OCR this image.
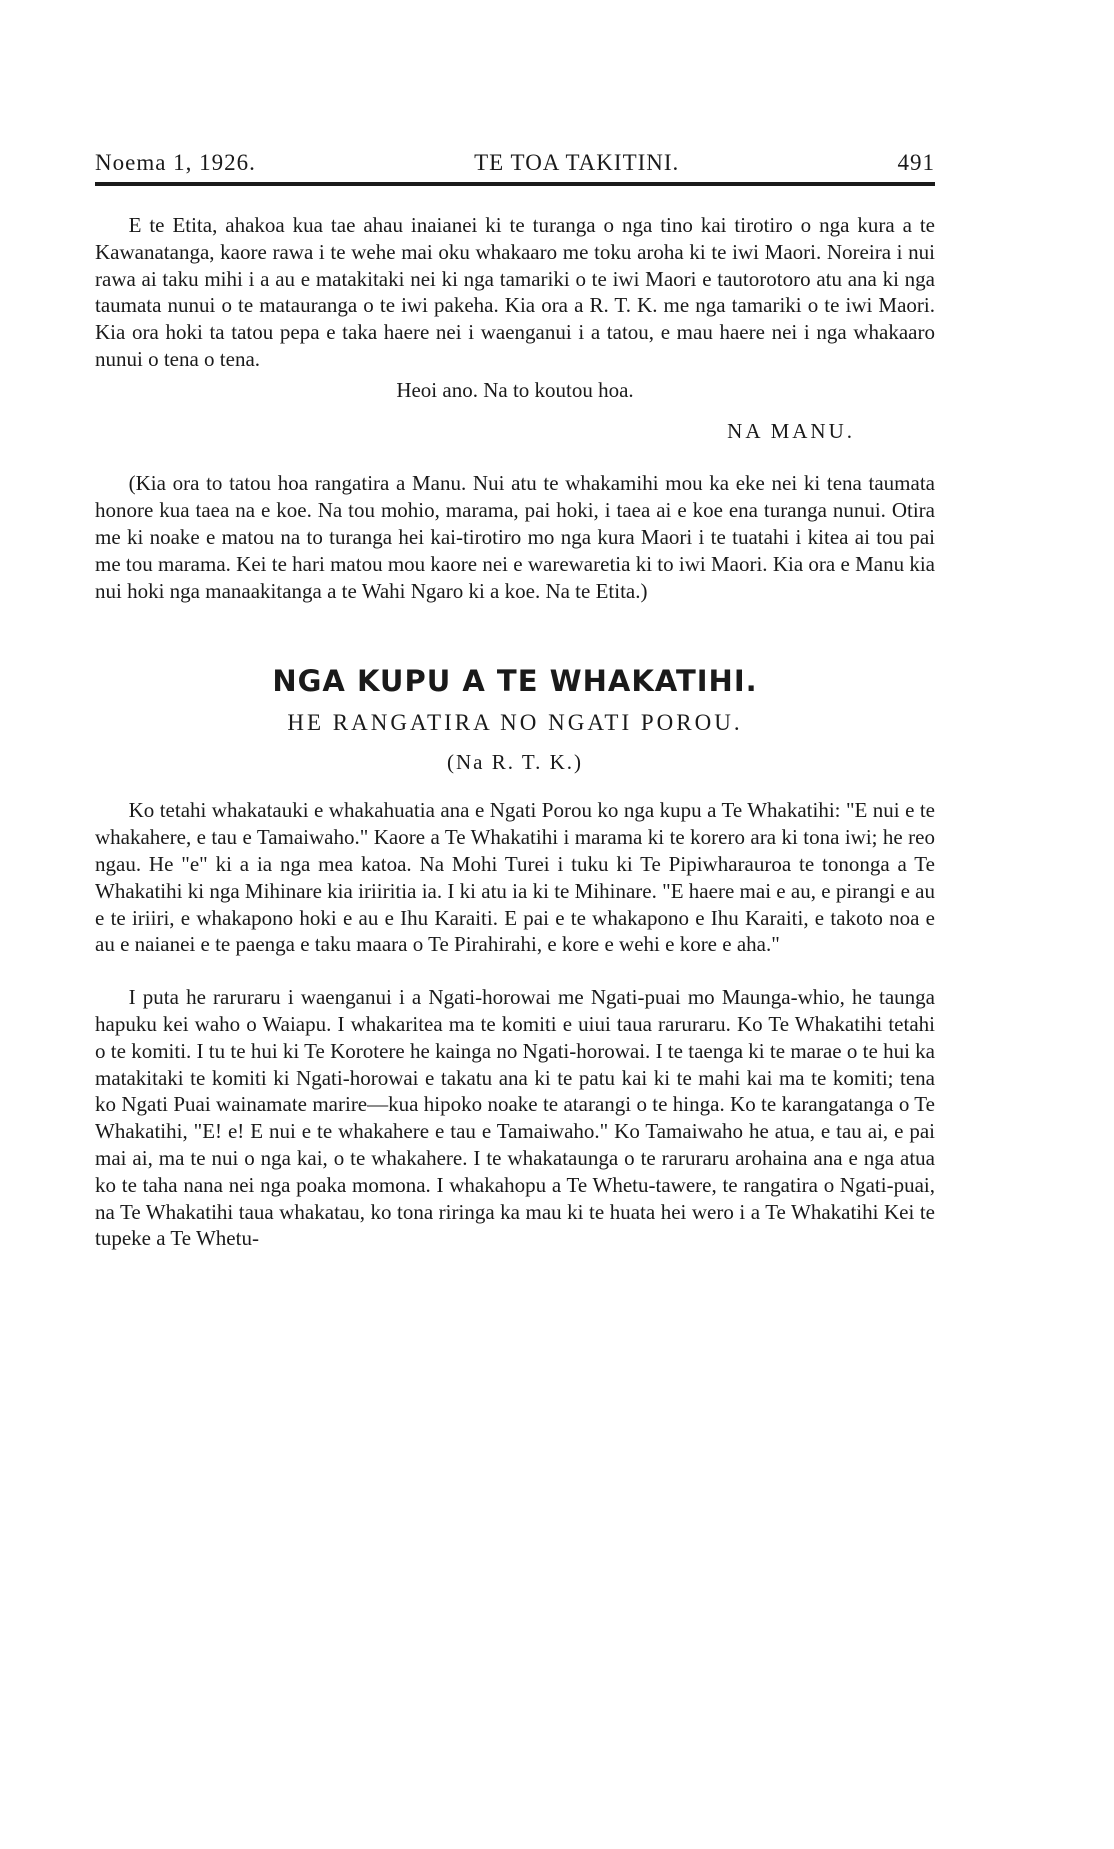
Noema 1, 1926.	TE TOA TAKITINI.	491

E te Etita, ahakoa kua tae ahau inaianei ki te turanga o nga tino kai tirotiro o nga kura a te Kawanatanga, kaore rawa i te wehe mai oku whakaaro me toku aroha ki te iwi Maori. Noreira i nui rawa ai taku mihi i a au e matakitaki nei ki nga tamariki o te iwi Maori e tautorotoro atu ana ki nga taumata nunui o te matauranga o te iwi pakeha. Kia ora a R. T. K. me nga tamariki o te iwi Maori. Kia ora hoki ta tatou pepa e taka haere nei i waenganui i a tatou, e mau haere nei i nga whakaaro nunui o tena o tena.

Heoi ano. Na to koutou hoa.

NA MANU.

(Kia ora to tatou hoa rangatira a Manu. Nui atu te whakamihi mou ka eke nei ki tena taumata honore kua taea na e koe. Na tou mohio, marama, pai hoki, i taea ai e koe ena turanga nunui. Otira me ki noake e matou na to turanga hei kai-tirotiro mo nga kura Maori i te tuatahi i kitea ai tou pai me tou marama. Kei te hari matou mou kaore nei e warewaretia ki to iwi Maori. Kia ora e Manu kia nui hoki nga manaakitanga a te Wahi Ngaro ki a koe. Na te Etita.)

NGA KUPU A TE WHAKATIHI.
HE RANGATIRA NO NGATI POROU.

(Na R. T. K.)

Ko tetahi whakatauki e whakahuatia ana e Ngati Porou ko nga kupu a Te Whakatihi: "E nui e te whakahere, e tau e Tamaiwaho." Kaore a Te Whakatihi i marama ki te korero ara ki tona iwi; he reo ngau. He "e" ki a ia nga mea katoa. Na Mohi Turei i tuku ki Te Pipiwharauroa te tononga a Te Whakatihi ki nga Mihinare kia iriiritia ia. I ki atu ia ki te Mihinare. "E haere mai e au, e pirangi e au e te iriiri, e whakapono hoki e au e Ihu Karaiti. E pai e te whakapono e Ihu Karaiti, e takoto noa e au e naianei e te paenga e taku maara o Te Pirahirahi, e kore e wehi e kore e aha."

I puta he raruraru i waenganui i a Ngati-horowai me Ngati-puai mo Maunga-whio, he taunga hapuku kei waho o Waiapu. I whakaritea ma te komiti e uiui taua raruraru. Ko Te Whakatihi tetahi o te komiti. I tu te hui ki Te Korotere he kainga no Ngati-horowai. I te taenga ki te marae o te hui ka matakitaki te komiti ki Ngati-horowai e takatu ana ki te patu kai ki te mahi kai ma te komiti; tena ko Ngati Puai wainamate marire—kua hipoko noake te atarangi o te hinga. Ko te karangatanga o Te Whakatihi, "E! e! E nui e te whakahere e tau e Tamaiwaho." Ko Tamaiwaho he atua, e tau ai, e pai mai ai, ma te nui o nga kai, o te whakahere. I te whakataunga o te raruraru arohaina ana e nga atua ko te taha nana nei nga poaka momona. I whakahopu a Te Whetu-tawere, te rangatira o Ngati-puai, na Te Whakatihi taua whakatau, ko tona riringa ka mau ki te huata hei wero i a Te Whakatihi Kei te tupeke a Te Whetu-
